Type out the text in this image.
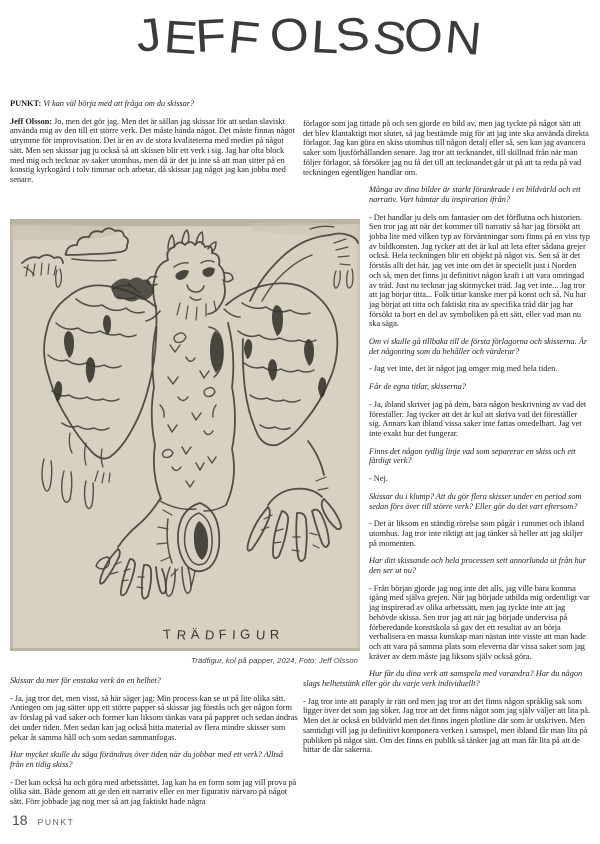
JEFF OLSSON

PUNKT: Vi kan väl börja med att fråga om du skissar?

Jeff Olsson: Jo, men det gör jag. Men det är sällan jag skissar för att sedan slaviskt använda mig av den till ett större verk. Det måste hända något. Det måste finnas något utrymme för improvisation. Det är en av de stora kvaliteterna med mediet på något sätt. Men sen skissar jag ju också så att skissen blir ett verk i sig. Jag har ofta block med mig och tecknar av saker utomhus, men då är det ju inte så att man sitter på en konstig kyrkogård i tolv timmar och arbetar, då skissar jag något jag kan jobba med senare.

TRÄDFIGUR
Trädfigur, kol på papper, 2024, Foto: Jeff Olsson

Skissar du mer för enstaka verk än en helhet?

- Ja, jag tror det, men visst, så här säger jag: Min process kan se ut på lite olika sätt. Antingen om jag sätter upp ett större papper så skissar jag förstås och ger någon form av förslag på vad saker och former kan liksom tänkas vara på pappret och sedan ändras det under tiden. Men sedan kan jag också hitta material av flera mindre skisser som pekar åt samma håll och som sedan sammanfogas.

Hur mycket skulle du säga förändras över tiden när du jobbar med ett verk? Alltså från en tidig skiss?

- Det kan också ha och göra med arbetssättet. Jag kan ha en form som jag vill prova på olika sätt. Både genom att ge den ett narrativ eller en mer figurativ närvaro på något sätt. Förr jobbade jag nog mer så att jag faktiskt hade några

förlagor som jag tittade på och sen gjorde en bild av, men jag tyckte på något sätt att det blev klantaktigt mot slutet, så jag bestämde mig för att jag inte ska använda direkta förlagor. Jag kan göra en skiss utomhus till någon detalj eller så, sen kan jag avancera saker som ljusförhållanden senare. Jag tror att tecknandet, till skillnad från när man följer förlagor, så försöker jag nu få det till att tecknandet går ut på att ta reda på vad teckningen egentligen handlar om.

Många av dina bilder är starkt förankrade i en bildvärld och ett narrativ. Vart hämtar du inspiration ifrån?

- Det handlar ju dels om fantasier om det förflutna och historien. Sen tror jag att när det kommer till narrativ så har jag försökt att jobba lite med vilken typ av förväntningar som finns på en viss typ av bildkonsten. Jag tycker att det är kul att leta efter sådana grejer också. Hela teckningen blir ett objekt på något vis. Sen så är det förstås allt det här, jag vet inte om det är speciellt just i Norden och så, men det finns ju definitivt någon kraft i att vara omringad av träd. Just nu tecknar jag skitmycket träd. Jag vet inte... Jag tror att jag börjar titta... Folk tittar kanske mer på konst och så. Nu har jag börjat att titta och faktiskt rita av specifika träd där jag har försökt ta bort en del av symboliken på ett sätt, eller vad man nu ska säga.

Om vi skulle gå tillbaka till de första förlagorna och skisserna. Är det någonting som du behåller och värderar?

- Jag vet inte, det är något jag omger mig med hela tiden.

Får de egna titlar, skisserna?

- Ja, ibland skriver jag på dem, bara någon beskrivning av vad det föreställer. Jag tycker att det är kul att skriva vad det föreställer sig. Annars kan ibland vissa saker inte fattas omedelbart. Jag vet inte exakt hur det fungerar.

Finns det någon tydlig linje vad som separerar en skiss och ett färdigt verk?

- Nej.

Skissar du i klump? Att du gör flera skisser under en period som sedan förs över till större verk? Eller gör du det vart eftersom?

- Det är liksom en ständig rörelse som pågår i rummet och ibland utomhus. Jag tror inte riktigt att jag tänker så heller att jag skiljer på momenten.

Har ditt skissande och hela processen sett annorlunda ut från hur den ser ut nu?

- Från början gjorde jag nog inte det alls, jag ville bara komma igång med själva grejen. När jag började utbilda mig ordentligt var jag inspirerad av olika arbetssätt, men jag tyckte inte att jag behövde skissa. Sen tror jag att när jag började undervisa på förberedande konstskola så gav det ett resultat av att börja verbalisera en massa kunskap man nästan inte visste att man hade och att vara på samma plats som eleverna där vissa saker som jag kräver av dem måste jag liksom själv också göra.

Hur får du dina verk att samspela med varandra? Har du någon slags helhetstänk eller gör du varje verk individuellt?

- Jag tror inte att paraply är rätt ord men jag tror att det finns någon språklig sak som ligger över det som jag söker. Jag tror att det finns något som jag själv väljer att lita på. Men det är också en bildvärld men det finns ingen plotline där som är utskriven. Men samtidigt vill jag ju definitivt komponera verken i samspel, men ibland får man lita på publiken på något sätt. Om det finns en publik så tänker jag att man får lita på att de hittar de där sakerna.

18 PUNKT
